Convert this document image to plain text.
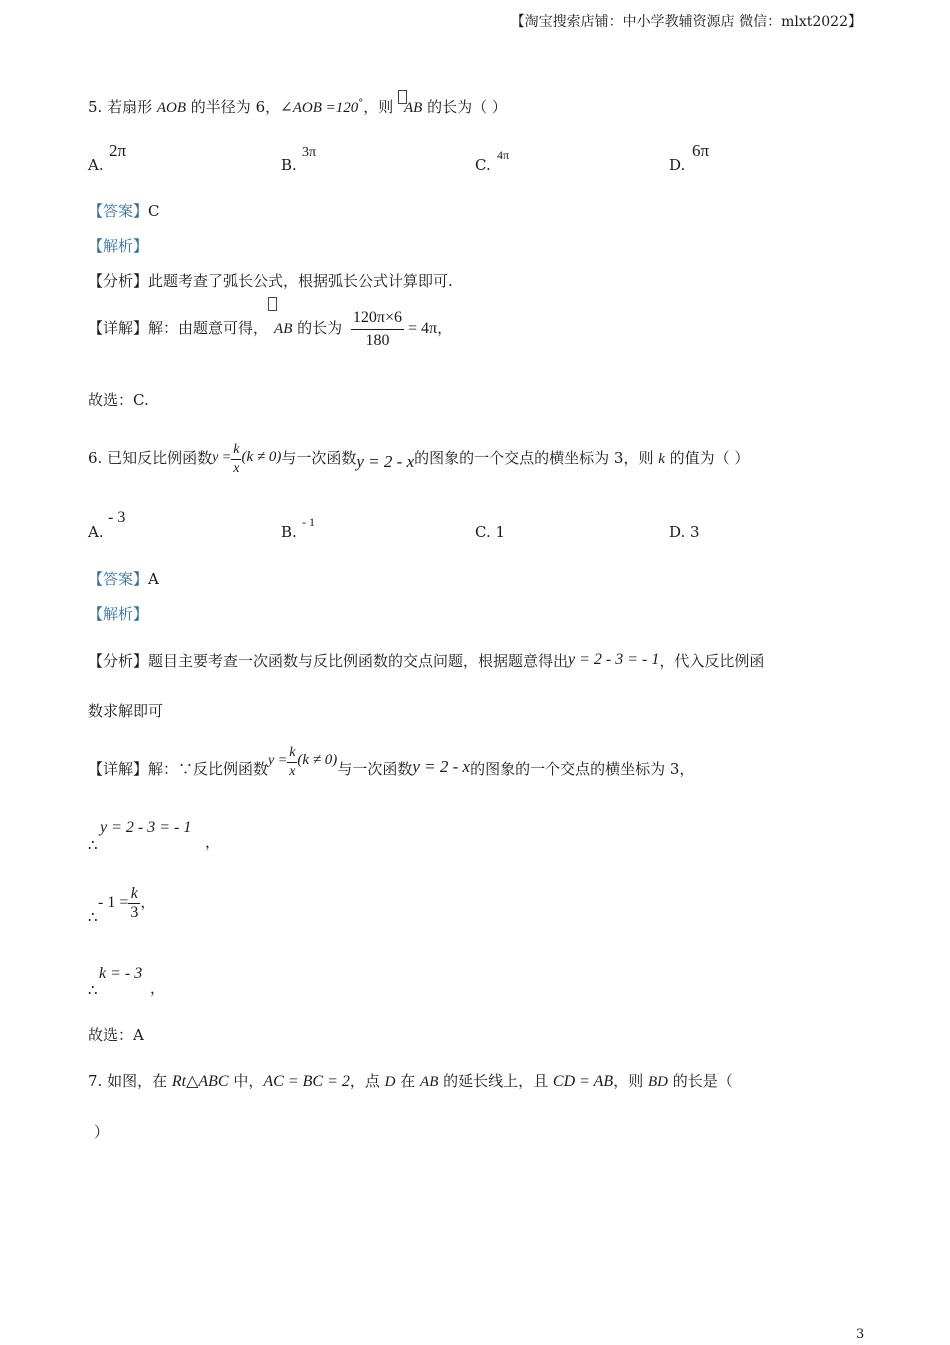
【淘宝搜索店铺：中小学教辅资源店 微信：mlxt2022】
5. 若扇形 AOB 的半径为 6，∠AOB =120°，则 AB 的长为（ ）
A.
2π
B.
3π
C.
4π
D.
6π
【答案】C
【解析】
【分析】此题考查了弧长公式，根据弧长公式计算即可.
【详解】解：由题意可得， AB 的长为 $\frac{120\pi\times 6}{180} = 4\pi$，
故选：C.
6. 已知反比例函数$y = \frac{k}{x} (k \ne 0)$与一次函数y = 2 - x的图象的一个交点的横坐标为 3，则 k 的值为（ ）
A.
- 3
B.
- 1
C. 1	D. 3
【答案】A
【解析】
【分析】题目主要考查一次函数与反比例函数的交点问题，根据题意得出y = 2 - 3 = - 1，代入反比例函
数求解即可
【详解】解：∵反比例函数$y = \frac{k}{x} (k \ne 0)$与一次函数y = 2 - x的图象的一个交点的横坐标为 3，
∴
y = 2 - 3 = - 1
，
∴
- $1 = \frac{k}{3}$ ，
∴
k = - 3
，
故选：A
7. 如图，在 Rt△ABC 中，AC = BC = 2，点 D 在 AB 的延长线上，且 CD = AB，则 BD 的长是（
）
3
